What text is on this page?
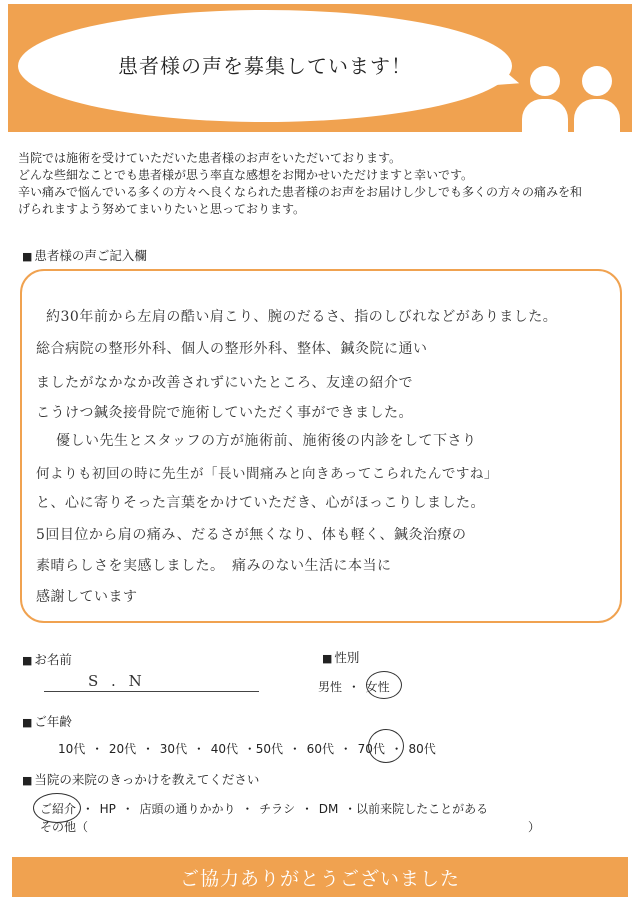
患者様の声を募集しています！
当院では施術を受けていただいた患者様のお声をいただいております。
どんな些細なことでも患者様が思う率直な感想をお聞かせいただけますと幸いです。
辛い痛みで悩んでいる多くの方々へ良くなられた患者様のお声をお届けし少しでも多くの方々の痛みを和
げられますよう努めてまいりたいと思っております。
■ 患者様の声ご記入欄
約30年前から左肩の酷い肩こり、腕のだるさ、指のしびれなどがありました。
総合病院の整形外科、個人の整形外科、整体、鍼灸院に通い
ましたがなかなか改善されずにいたところ、友達の紹介で
こうけつ鍼灸接骨院で施術していただく事ができました。
優しい先生とスタッフの方が施術前、施術後の内診をして下さり
何よりも初回の時に先生が「長い間痛みと向きあってこられたんですね」
と、心に寄りそった言葉をかけていただき、心がほっこりしました。
5回目位から肩の痛み、だるさが無くなり、体も軽く、鍼灸治療の
素晴らしさを実感しました。　痛みのない生活に本当に
感謝しています
■ お名前
S . N
■ 性別
男性 ・ 女性
■ ご年齢
10代 ・ 20代 ・ 30代 ・ 40代 ・50代 ・ 60代 ・ 70代 ・ 80代
■ 当院の来院のきっかけを教えてください
ご紹介 ・ HP ・ 店頭の通りかかり ・ チラシ ・ DM ・以前来院したことがある
その他（	）
ご協力ありがとうございました
